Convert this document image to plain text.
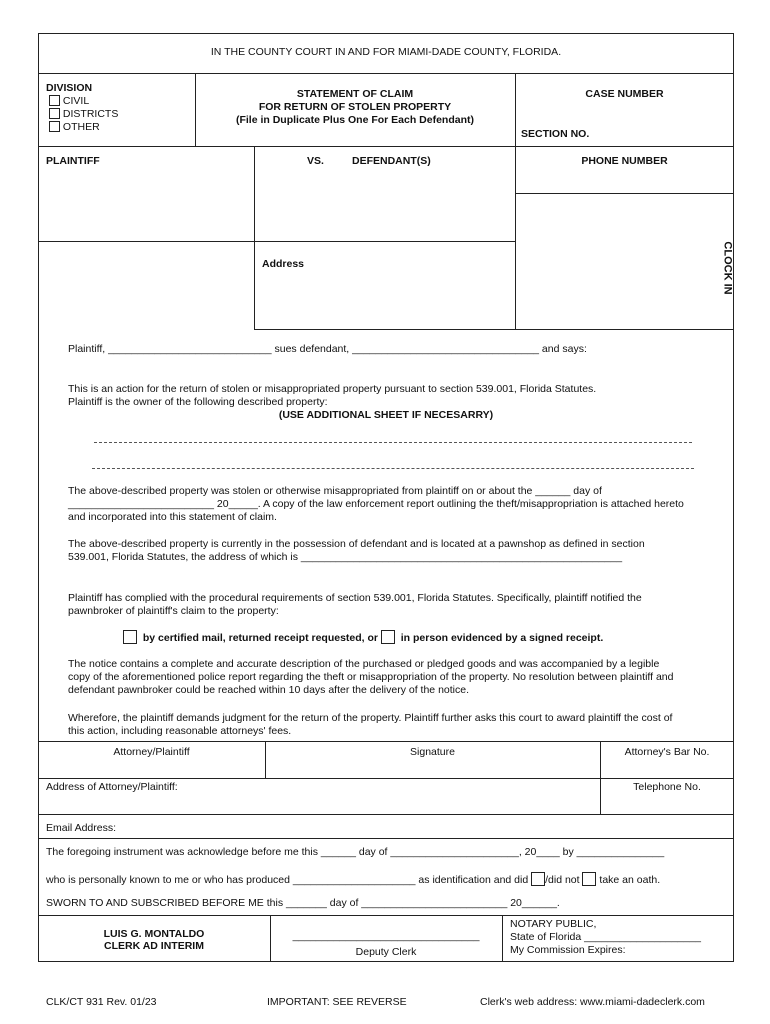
IN THE COUNTY COURT IN AND FOR MIAMI-DADE COUNTY, FLORIDA.
DIVISION
CIVIL
DISTRICTS
OTHER
STATEMENT OF CLAIM
FOR RETURN OF STOLEN PROPERTY
(File in Duplicate Plus One For Each Defendant)
CASE NUMBER
SECTION NO.
PLAINTIFF	VS.	DEFENDANT(S)	PHONE NUMBER
Address	CLOCK IN
Plaintiff, ____________________________ sues defendant, ________________________________ and says:
This is an action for the return of stolen or misappropriated property pursuant to section 539.001, Florida Statutes.
Plaintiff is the owner of the following described property:
(USE ADDITIONAL SHEET IF NECESARRY)
The above-described property was stolen or otherwise misappropriated from plaintiff on or about the ______ day of
_________________________ 20_____. A copy of the law enforcement report outlining the theft/misappropriation is attached hereto
and incorporated into this statement of claim.
The above-described property is currently in the possession of defendant and is located at a pawnshop as defined in section
539.001, Florida Statutes, the address of which is _______________________________________________________
Plaintiff has complied with the procedural requirements of section 539.001, Florida Statutes. Specifically, plaintiff notified the
pawnbroker of plaintiff's claim to the property:
by certified mail, returned receipt requested, or in person evidenced by a signed receipt.
The notice contains a complete and accurate description of the purchased or pledged goods and was accompanied by a legible
copy of the aforementioned police report regarding the theft or misappropriation of the property. No resolution between plaintiff and
defendant pawnbroker could be reached within 10 days after the delivery of the notice.
Wherefore, the plaintiff demands judgment for the return of the property. Plaintiff further asks this court to award plaintiff the cost of
this action, including reasonable attorneys' fees.
Attorney/Plaintiff	Signature	Attorney's Bar No.
Address of Attorney/Plaintiff:	Telephone No.
Email Address:
The foregoing instrument was acknowledge before me this ______ day of ______________________, 20____ by _______________
who is personally known to me or who has produced _____________________ as identification and did /did not take an oath.
SWORN TO AND SUBSCRIBED BEFORE ME this _______ day of _________________________ 20______.
LUIS G. MONTALDO
CLERK AD INTERIM
________________________________
Deputy Clerk
NOTARY PUBLIC,
State of Florida ____________________
My Commission Expires:
CLK/CT 931 Rev. 01/23	IMPORTANT: SEE REVERSE	Clerk's web address: www.miami-dadeclerk.com
